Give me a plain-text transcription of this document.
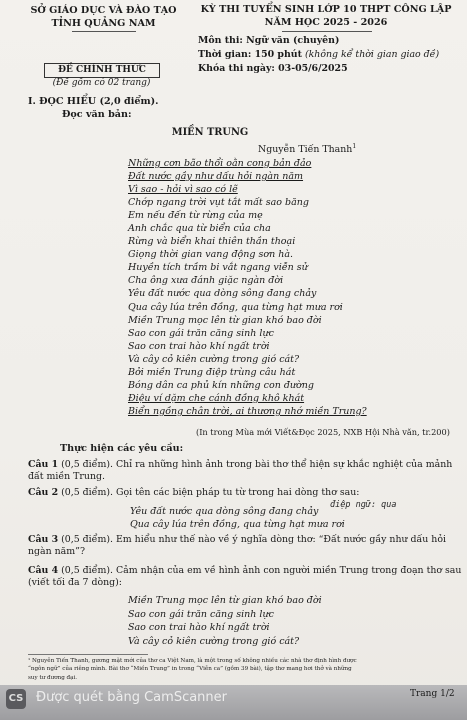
SỞ GIÁO DỤC VÀ ĐÀO TẠO
TỈNH QUẢNG NAM
ĐỀ CHÍNH THỨC
(Đề gồm có 02 trang)
KỲ THI TUYỂN SINH LỚP 10 THPT CÔNG LẬP
NĂM HỌC 2025 - 2026
Môn thi: Ngữ văn (chuyên)
Thời gian: 150 phút (không kể thời gian giao đề)
Khóa thi ngày: 03-05/6/2025
I. ĐỌC HIỂU (2,0 điểm).
Đọc văn bản:
MIỀN TRUNG
Nguyễn Tiến Thanh$^1$
Những cơn bão thổi oằn cong bản đảo
Đất nước gầy như dấu hỏi ngàn năm
Vì sao - hỏi vì sao có lẽ
Chớp ngang trời vụt tắt mất sao băng
Em nếu đến từ rừng của mẹ
Anh chắc qua từ biển của cha
Rừng và biển khai thiên thần thoại
Giọng thời gian vang động sơn hà.
Huyền tích trầm bi vắt ngang viễn sử
Cha ông xưa đánh giặc ngàn đời
Yêu đất nước qua dòng sông đang chảy
Qua cây lúa trên đồng, qua từng hạt mưa rơi
Miền Trung mọc lên từ gian khó bao đời
Sao con gái trăn căng sinh lực
Sao con trai hào khí ngất trời
Và cây cỏ kiên cường trong gió cát?
Bởi miền Trung điệp trùng câu hát
Bóng dân ca phủ kín những con đường
Điệu ví dặm che cánh đồng khô khát
Biển ngồng chân trời, ai thương nhớ miền Trung?
(In trong Mùa mới Viết&Đọc 2025, NXB Hội Nhà văn, tr.200)
Thực hiện các yêu cầu:
Câu 1 (0,5 điểm). Chỉ ra những hình ảnh trong bài thơ thể hiện sự khắc nghiệt của mảnh
đất miền Trung.
Câu 2 (0,5 điểm). Gọi tên các biện pháp tu từ trong hai dòng thơ sau:
điệp ngữ: qua
Yêu đất nước qua dòng sông đang chảy
Qua cây lúa trên đồng, qua từng hạt mưa rơi
Câu 3 (0,5 điểm). Em hiểu như thế nào về ý nghĩa dòng thơ: “Đất nước gầy như dấu hỏi
ngàn năm”?
Câu 4 (0,5 điểm). Cảm nhận của em về hình ảnh con người miền Trung trong đoạn thơ sau
(viết tối đa 7 dòng):
Miền Trung mọc lên từ gian khó bao đời
Sao con gái trăn căng sinh lực
Sao con trai hào khí ngất trời
Và cây cỏ kiên cường trong gió cát?
¹ Nguyễn Tiến Thanh, gương mặt mới của thơ ca Việt Nam, là một trong số không nhiều các nhà thơ định hình được
“ngôn ngữ” của riêng mình. Bài thơ “Miền Trung” in trong “Viễn ca” (gồm 39 bài), tập thơ mang hơi thở và những
suy tư đương đại.
CS Được quét bằng CamScanner	Trang 1/2
